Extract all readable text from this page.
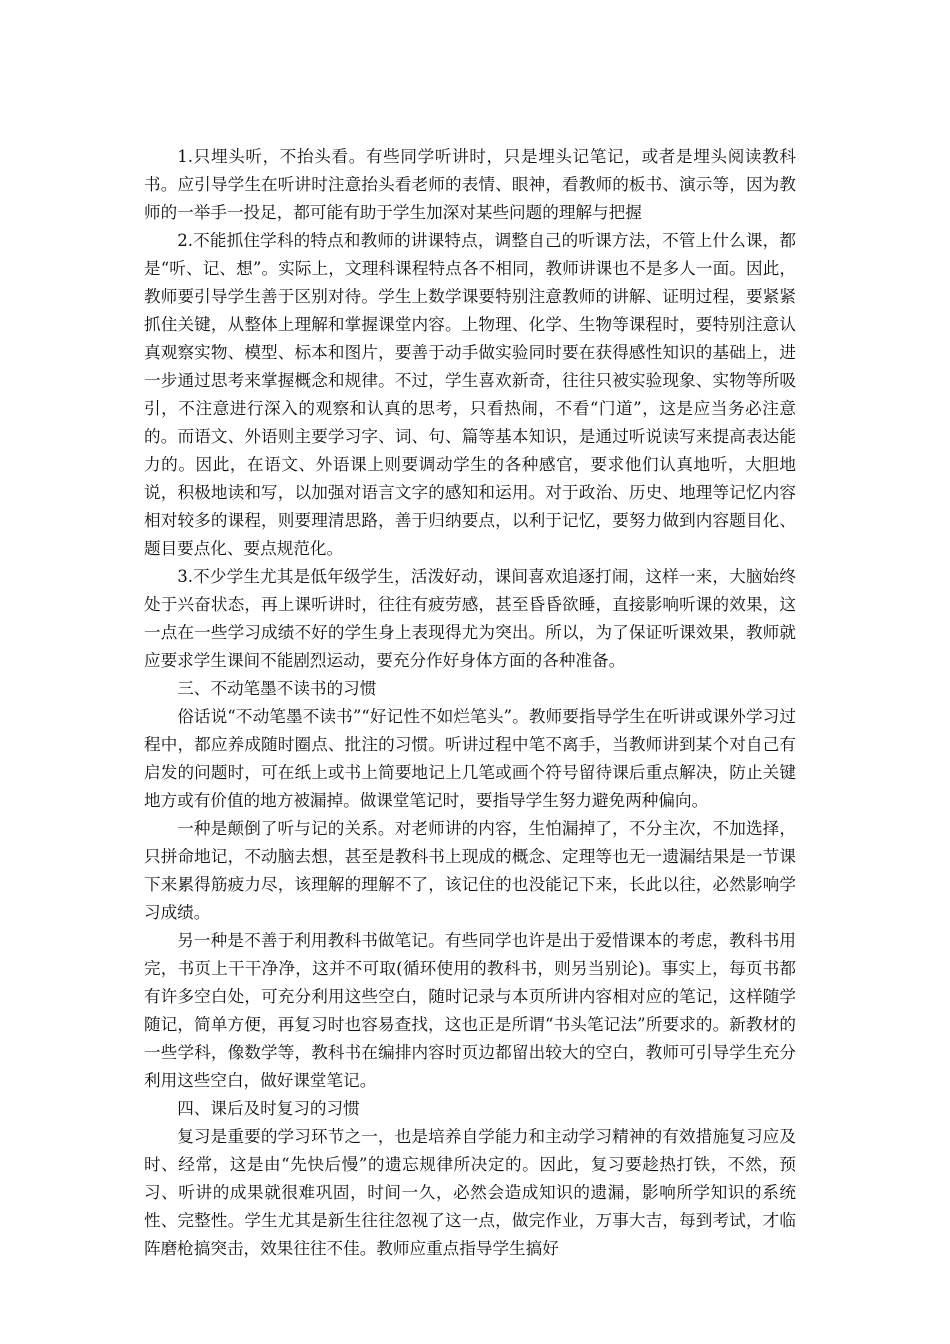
1.只埋头听，不抬头看。有些同学听讲时，只是埋头记笔记，或者是埋头阅读教科书。应引导学生在听讲时注意抬头看老师的表情、眼神，看教师的板书、演示等，因为教师的一举手一投足，都可能有助于学生加深对某些问题的理解与把握

2.不能抓住学科的特点和教师的讲课特点，调整自己的听课方法，不管上什么课，都是“听、记、想”。实际上，文理科课程特点各不相同，教师讲课也不是多人一面。因此，教师要引导学生善于区别对待。学生上数学课要特别注意教师的讲解、证明过程，要紧紧抓住关键，从整体上理解和掌握课堂内容。上物理、化学、生物等课程时，要特别注意认真观察实物、模型、标本和图片，要善于动手做实验同时要在获得感性知识的基础上，进一步通过思考来掌握概念和规律。不过，学生喜欢新奇，往往只被实验现象、实物等所吸引，不注意进行深入的观察和认真的思考，只看热闹，不看“门道”，这是应当务必注意的。而语文、外语则主要学习字、词、句、篇等基本知识，是通过听说读写来提高表达能力的。因此，在语文、外语课上则要调动学生的各种感官，要求他们认真地听，大胆地说，积极地读和写，以加强对语言文字的感知和运用。对于政治、历史、地理等记忆内容相对较多的课程，则要理清思路，善于归纳要点，以利于记忆，要努力做到内容题目化、题目要点化、要点规范化。

3.不少学生尤其是低年级学生，活泼好动，课间喜欢追逐打闹，这样一来，大脑始终处于兴奋状态，再上课听讲时，往往有疲劳感，甚至昏昏欲睡，直接影响听课的效果，这一点在一些学习成绩不好的学生身上表现得尤为突出。所以，为了保证听课效果，教师就应要求学生课间不能剧烈运动，要充分作好身体方面的各种准备。

三、不动笔墨不读书的习惯

俗话说“不动笔墨不读书”“好记性不如烂笔头”。教师要指导学生在听讲或课外学习过程中，都应养成随时圈点、批注的习惯。听讲过程中笔不离手，当教师讲到某个对自己有启发的问题时，可在纸上或书上简要地记上几笔或画个符号留待课后重点解决，防止关键地方或有价值的地方被漏掉。做课堂笔记时，要指导学生努力避免两种偏向。

一种是颠倒了听与记的关系。对老师讲的内容，生怕漏掉了，不分主次，不加选择，只拼命地记，不动脑去想，甚至是教科书上现成的概念、定理等也无一遗漏结果是一节课下来累得筋疲力尽，该理解的理解不了，该记住的也没能记下来，长此以往，必然影响学习成绩。

另一种是不善于利用教科书做笔记。有些同学也许是出于爱惜课本的考虑，教科书用完，书页上干干净净，这并不可取(循环使用的教科书，则另当别论)。事实上，每页书都有许多空白处，可充分利用这些空白，随时记录与本页所讲内容相对应的笔记，这样随学随记，简单方便，再复习时也容易查找，这也正是所谓“书头笔记法”所要求的。新教材的一些学科，像数学等，教科书在编排内容时页边都留出较大的空白，教师可引导学生充分利用这些空白，做好课堂笔记。

四、课后及时复习的习惯

复习是重要的学习环节之一，也是培养自学能力和主动学习精神的有效措施复习应及时、经常，这是由“先快后慢”的遗忘规律所决定的。因此，复习要趁热打铁，不然，预习、听讲的成果就很难巩固，时间一久，必然会造成知识的遗漏，影响所学知识的系统性、完整性。学生尤其是新生往往忽视了这一点，做完作业，万事大吉，每到考试，才临阵磨枪搞突击，效果往往不佳。教师应重点指导学生搞好
